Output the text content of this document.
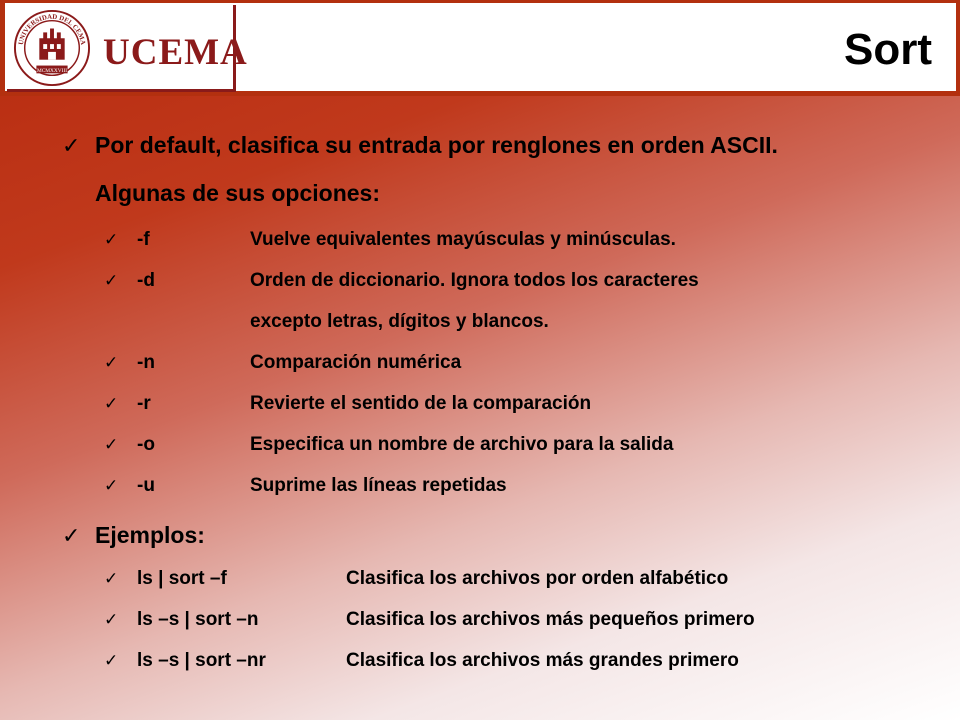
UNIVERSIDAD DEL CEMA
MCMXXVIII UCEMA	Sort
✓ Por default, clasifica su entrada por renglones en orden ASCII.
Algunas de sus opciones:
✓ -f	Vuelve equivalentes mayúsculas y minúsculas.
✓ -d	Orden de diccionario. Ignora todos los caracteres
excepto letras, dígitos y blancos.
✓ -n	Comparación numérica
✓ -r	Revierte el sentido de la comparación
✓ -o	Especifica un nombre de archivo para la salida
✓ -u	Suprime las líneas repetidas
✓ Ejemplos:
✓ ls | sort –f	Clasifica los archivos por orden alfabético
✓ ls –s | sort –n	Clasifica los archivos más pequeños primero
✓ ls –s | sort –nr	Clasifica los archivos más grandes primero
